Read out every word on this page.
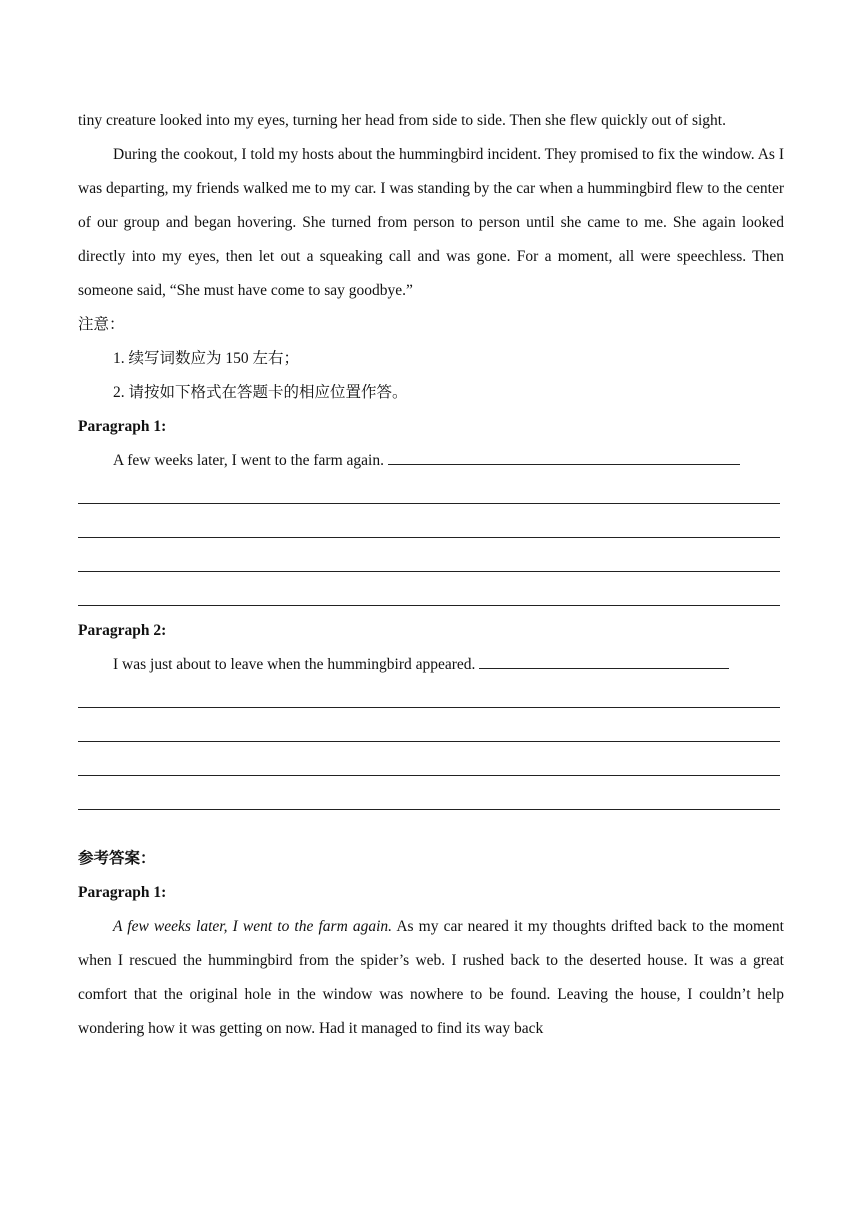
tiny creature looked into my eyes, turning her head from side to side. Then she flew quickly out of sight.

During the cookout, I told my hosts about the hummingbird incident. They promised to fix the window. As I was departing, my friends walked me to my car. I was standing by the car when a hummingbird flew to the center of our group and began hovering. She turned from person to person until she came to me. She again looked directly into my eyes, then let out a squeaking call and was gone. For a moment, all were speechless. Then someone said, “She must have come to say goodbye.”

注意：

1. 续写词数应为 150 左右；

2. 请按如下格式在答题卡的相应位置作答。

Paragraph 1:

A few weeks later, I went to the farm again.

Paragraph 2:

I was just about to leave when the hummingbird appeared.

参考答案：

Paragraph 1:

A few weeks later, I went to the farm again. As my car neared it my thoughts drifted back to the moment when I rescued the hummingbird from the spider’s web. I rushed back to the deserted house. It was a great comfort that the original hole in the window was nowhere to be found. Leaving the house, I couldn’t help wondering how it was getting on now. Had it managed to find its way back
